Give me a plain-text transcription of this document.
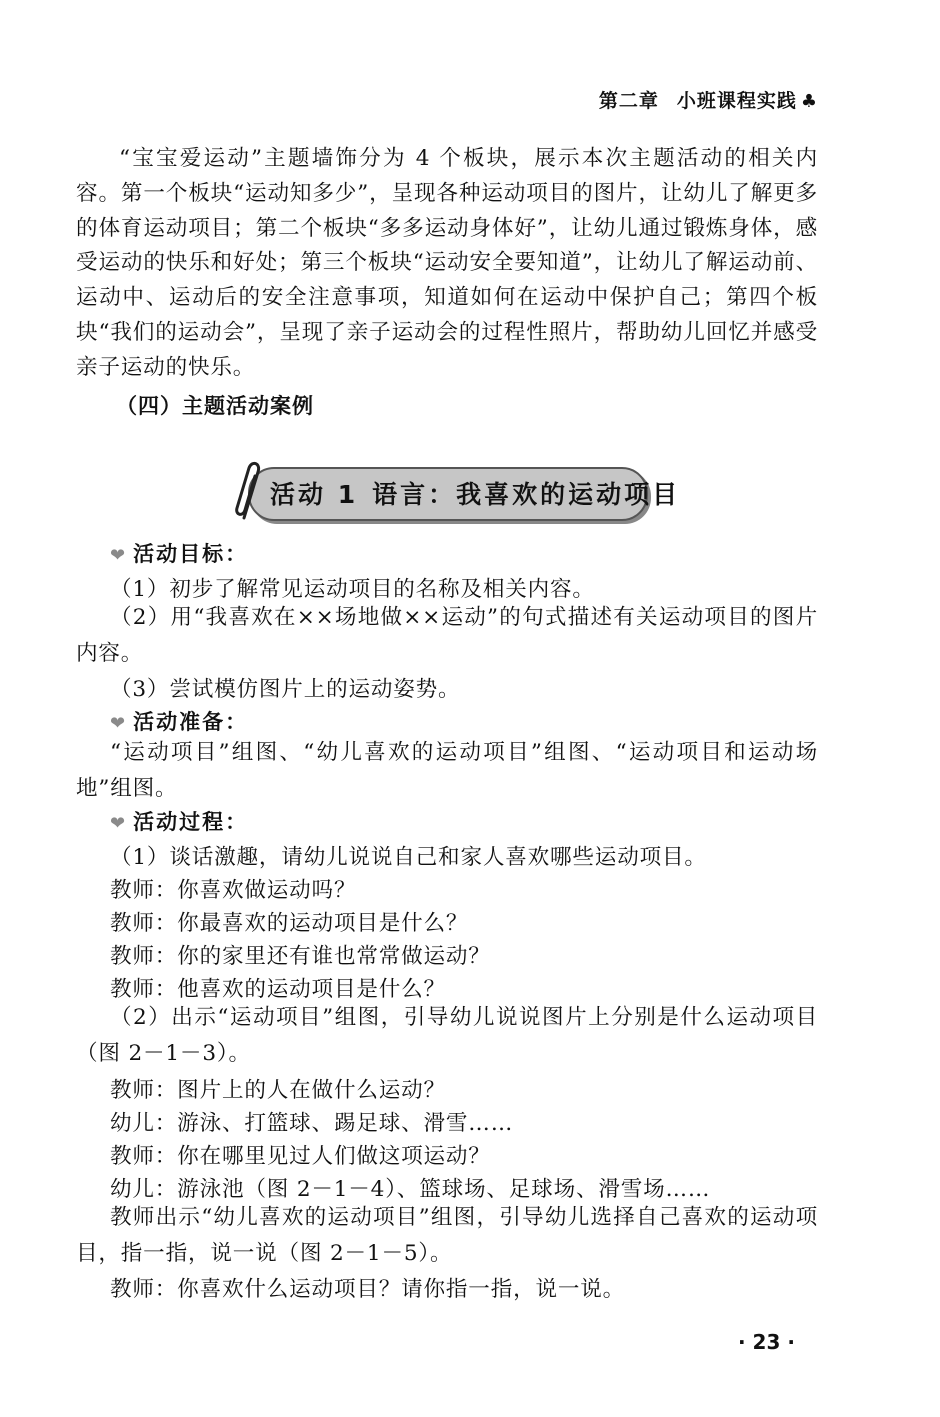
第二章 小班课程实践 ♣

“宝宝爱运动”主题墙饰分为 4 个板块，展示本次主题活动的相关内容。第一个板块“运动知多少”，呈现各种运动项目的图片，让幼儿了解更多的体育运动项目；第二个板块“多多运动身体好”，让幼儿通过锻炼身体，感受运动的快乐和好处；第三个板块“运动安全要知道”，让幼儿了解运动前、运动中、运动后的安全注意事项，知道如何在运动中保护自己；第四个板块“我们的运动会”，呈现了亲子运动会的过程性照片，帮助幼儿回忆并感受亲子运动的快乐。

（四）主题活动案例
活动 1 语言：我喜欢的运动项目
❤ 活动目标：
（1）初步了解常见运动项目的名称及相关内容。

（2）用“我喜欢在××场地做××运动”的句式描述有关运动项目的图片内容。

（3）尝试模仿图片上的运动姿势。
❤ 活动准备：

“运动项目”组图、“幼儿喜欢的运动项目”组图、“运动项目和运动场地”组图。

❤ 活动过程：
（1）谈话激趣，请幼儿说说自己和家人喜欢哪些运动项目。
教师：你喜欢做运动吗？
教师：你最喜欢的运动项目是什么？
教师：你的家里还有谁也常常做运动？
教师：他喜欢的运动项目是什么？

（2）出示“运动项目”组图，引导幼儿说说图片上分别是什么运动项目（图 2－1－3）。

教师：图片上的人在做什么运动？
幼儿：游泳、打篮球、踢足球、滑雪……
教师：你在哪里见过人们做这项运动？
幼儿：游泳池（图 2－1－4）、篮球场、足球场、滑雪场……

教师出示“幼儿喜欢的运动项目”组图，引导幼儿选择自己喜欢的运动项目，指一指，说一说（图 2－1－5）。

教师：你喜欢什么运动项目？请你指一指，说一说。
· 23 ·
